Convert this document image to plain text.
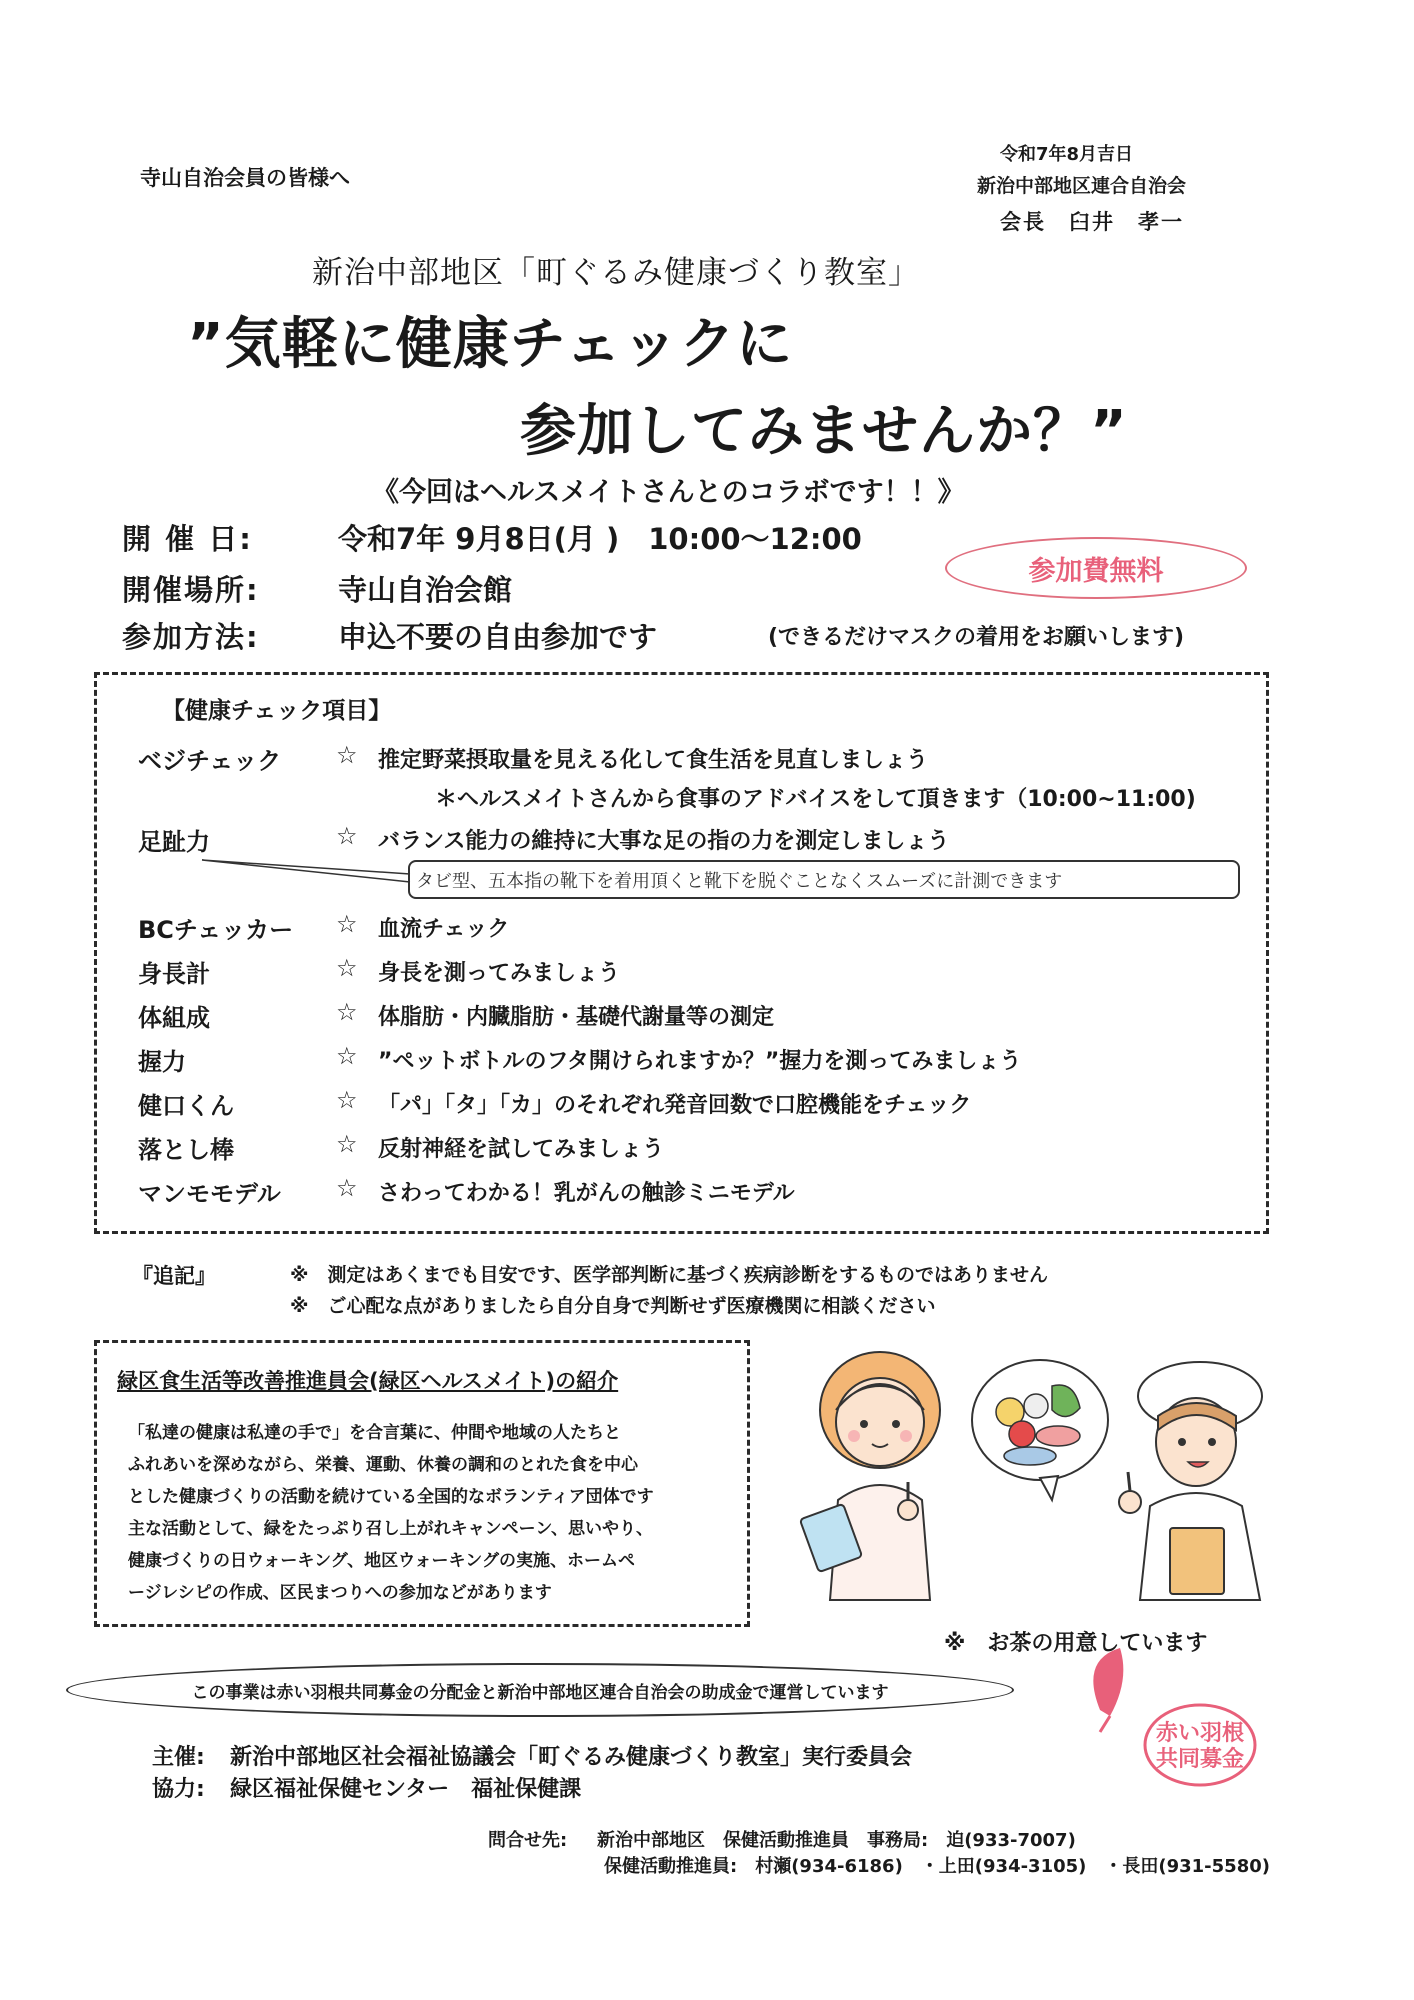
寺山自治会員の皆様へ
令和7年8月吉日
新治中部地区連合自治会
会長　臼井　孝一
新治中部地区「町ぐるみ健康づくり教室」
”気軽に健康チェックに
参加してみませんか？”
《今回はヘルスメイトさんとのコラボです！！》
開 催 日:	令和7年 9月8日(月 )　10:00～12:00
開催場所:	寺山自治会館
参加方法:	申込不要の自由参加です	(できるだけマスクの着用をお願いします)
参加費無料
【健康チェック項目】
ベジチェック ☆ 推定野菜摂取量を見える化して食生活を見直しましょう
＊ヘルスメイトさんから食事のアドバイスをして頂きます（10:00~11:00)
足趾力	☆ バランス能力の維持に大事な足の指の力を測定しましょう
タビ型、五本指の靴下を着用頂くと靴下を脱ぐことなくスムーズに計測できます
BCチェッカー ☆ 血流チェック
身長計	☆ 身長を測ってみましょう
体組成	☆ 体脂肪・内臓脂肪・基礎代謝量等の測定
握力	☆ ”ペットボトルのフタ開けられますか？”握力を測ってみましょう
健口くん	☆ 「パ」「タ」「カ」のそれぞれ発音回数で口腔機能をチェック
落とし棒	☆ 反射神経を試してみましょう
マンモモデル ☆ さわってわかる！乳がんの触診ミニモデル
『追記』	※　測定はあくまでも目安です、医学部判断に基づく疾病診断をするものではありません
※　ご心配な点がありましたら自分自身で判断せず医療機関に相談ください
緑区食生活等改善推進員会(緑区ヘルスメイト)の紹介
「私達の健康は私達の手で」を合言葉に、仲間や地域の人たちと
ふれあいを深めながら、栄養、運動、休養の調和のとれた食を中心
とした健康づくりの活動を続けている全国的なボランティア団体です
主な活動として、緑をたっぷり召し上がれキャンペーン、思いやり、
健康づくりの日ウォーキング、地区ウォーキングの実施、ホームペ
ージレシピの作成、区民まつりへの参加などがあります
※　お茶の用意しています
この事業は赤い羽根共同募金の分配金と新治中部地区連合自治会の助成金で運営しています
赤い羽根
共同募金
主催: 新治中部地区社会福祉協議会「町ぐるみ健康づくり教室」実行委員会
協力: 緑区福祉保健センター　福祉保健課
問合せ先: 新治中部地区　保健活動推進員　事務局:　迫(933-7007)
保健活動推進員:　村瀬(934-6186)　・上田(934-3105)　・長田(931-5580)
